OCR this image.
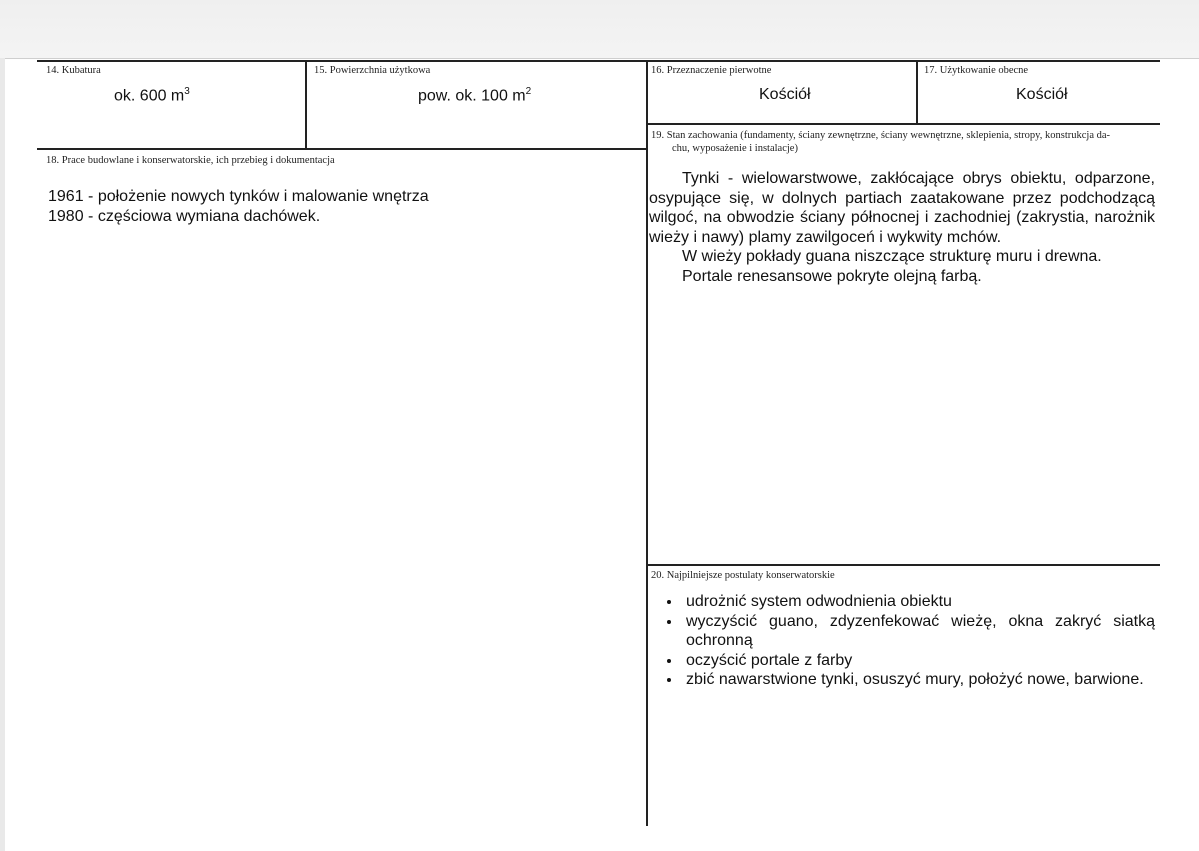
14. Kubatura
ok. 600 $m^3$
15. Powierzchnia użytkowa
pow. ok. 100 $m^2$
16. Przeznaczenie pierwotne
Kościół
17. Użytkowanie obecne
Kościół
18. Prace budowlane i konserwatorskie, ich przebieg i dokumentacja

1961 - położenie nowych tynków i malowanie wnętrza

1980 - częściowa wymiana dachówek.

19. Stan zachowania (fundamenty, ściany zewnętrzne, ściany wewnętrzne, sklepienia, stropy, konstrukcja da-
chu, wyposażenie i instalacje)

Tynki - wielowarstwowe, zakłócające obrys obiektu, odparzone, osypujące się, w dolnych partiach zaatakowane przez podchodzącą wilgoć, na obwodzie ściany północnej i zachodniej (zakrystia, narożnik wieży i nawy) plamy zawilgoceń i wykwity mchów.

W wieży pokłady guana niszczące strukturę muru i drewna.

Portale renesansowe pokryte olejną farbą.

20. Najpilniejsze postulaty konserwatorskie
• udrożnić system odwodnienia obiektu
• wyczyścić guano, zdyzenfekować wieżę, okna zakryć siatką ochronną
• oczyścić portale z farby
• zbić nawarstwione tynki, osuszyć mury, położyć nowe, barwione.
